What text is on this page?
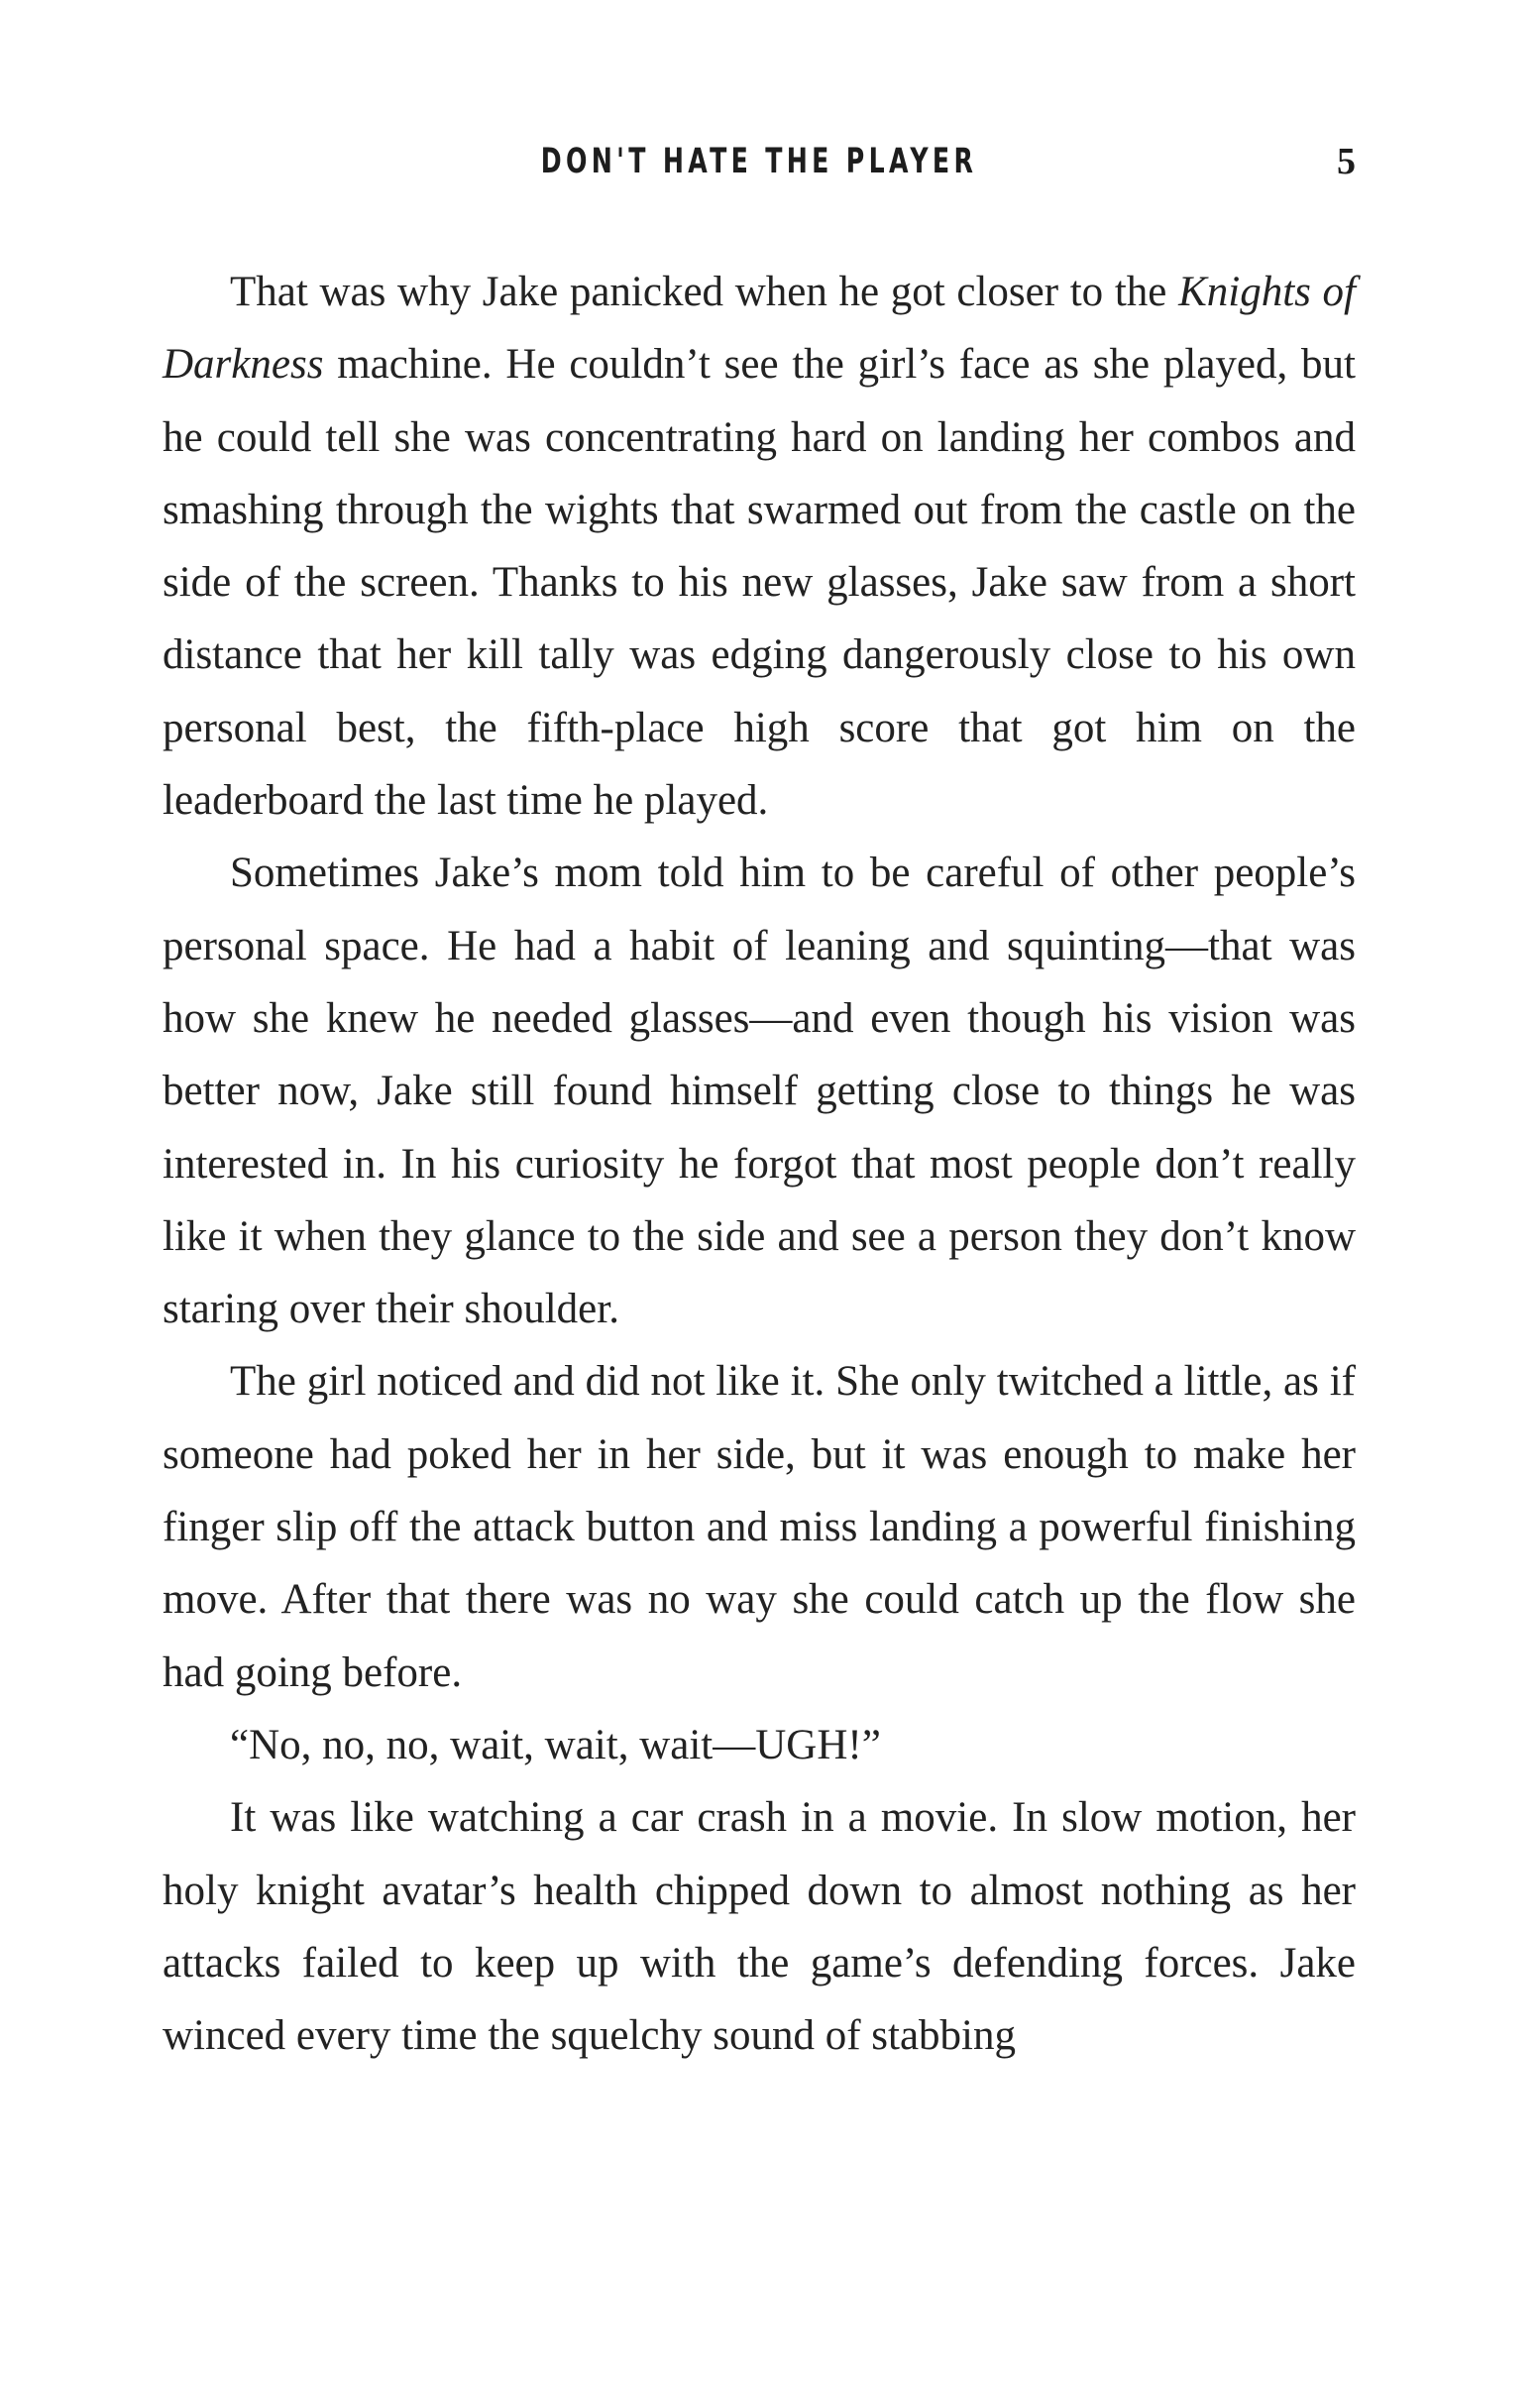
DON'T HATE THE PLAYER	5

That was why Jake panicked when he got closer to the Knights of Darkness machine. He couldn’t see the girl’s face as she played, but he could tell she was concentrating hard on landing her combos and smashing through the wights that swarmed out from the castle on the side of the screen. Thanks to his new glasses, Jake saw from a short distance that her kill tally was edging dangerously close to his own personal best, the fifth-place high score that got him on the leaderboard the last time he played.

Sometimes Jake’s mom told him to be careful of other people’s personal space. He had a habit of leaning and squinting—that was how she knew he needed glasses—and even though his vision was better now, Jake still found himself getting close to things he was interested in. In his curiosity he forgot that most people don’t really like it when they glance to the side and see a person they don’t know staring over their shoulder.

The girl noticed and did not like it. She only twitched a little, as if someone had poked her in her side, but it was enough to make her finger slip off the attack button and miss landing a powerful finishing move. After that there was no way she could catch up the flow she had going before.

“No, no, no, wait, wait, wait—UGH!”

It was like watching a car crash in a movie. In slow motion, her holy knight avatar’s health chipped down to almost nothing as her attacks failed to keep up with the game’s defending forces. Jake winced every time the squelchy sound of stabbing
